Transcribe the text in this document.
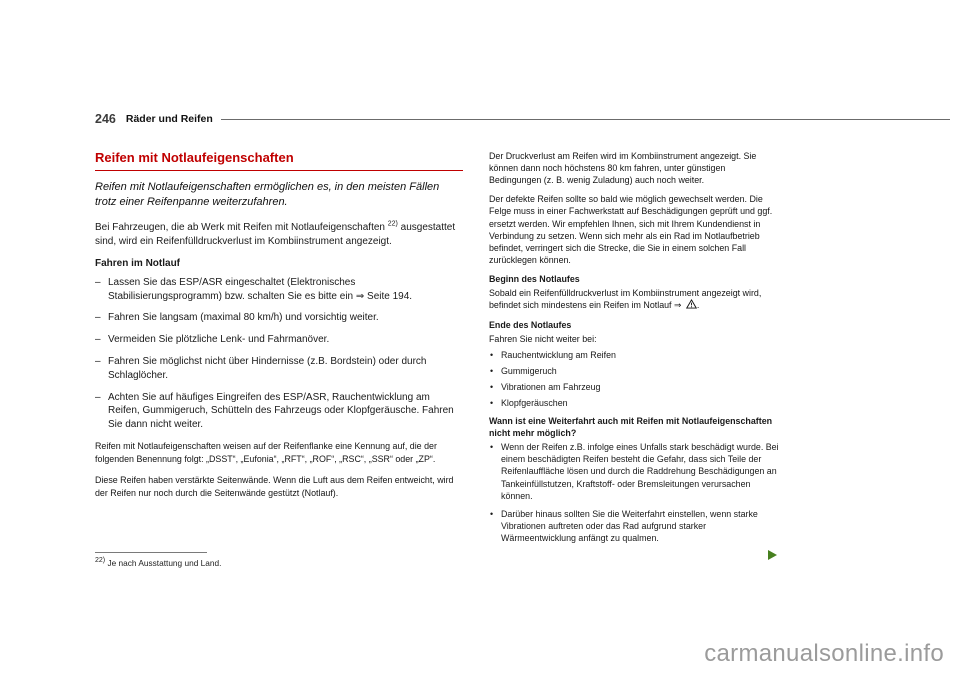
246 Räder und Reifen
Reifen mit Notlaufeigenschaften

Reifen mit Notlaufeigenschaften ermöglichen es, in den meisten Fällen trotz einer Reifenpanne weiterzufahren.

Bei Fahrzeugen, die ab Werk mit Reifen mit Notlaufeigenschaften $^{22)}$ ausgestattet sind, wird ein Reifenfülldruckverlust im Kombiinstrument angezeigt.

Fahren im Notlauf
– Lassen Sie das ESP/ASR eingeschaltet (Elektronisches Stabilisierungsprogramm) bzw. schalten Sie es bitte ein ⇒ Seite 194.
– Fahren Sie langsam (maximal 80 km/h) und vorsichtig weiter.
– Vermeiden Sie plötzliche Lenk- und Fahrmanöver.
– Fahren Sie möglichst nicht über Hindernisse (z.B. Bordstein) oder durch Schlaglöcher.
– Achten Sie auf häufiges Eingreifen des ESP/ASR, Rauchentwicklung am Reifen, Gummigeruch, Schütteln des Fahrzeugs oder Klopfgeräusche. Fahren Sie dann nicht weiter.

Reifen mit Notlaufeigenschaften weisen auf der Reifenflanke eine Kennung auf, die der folgenden Benennung folgt: „DSST“, „Eufonia“, „RFT“, „ROF“, „RSC“, „SSR“ oder „ZP“.

Diese Reifen haben verstärkte Seitenwände. Wenn die Luft aus dem Reifen entweicht, wird der Reifen nur noch durch die Seitenwände gestützt (Notlauf).

Der Druckverlust am Reifen wird im Kombiinstrument angezeigt. Sie können dann noch höchstens 80 km fahren, unter günstigen Bedingungen (z. B. wenig Zuladung) auch noch weiter.

Der defekte Reifen sollte so bald wie möglich gewechselt werden. Die Felge muss in einer Fachwerkstatt auf Beschädigungen geprüft und ggf. ersetzt werden. Wir empfehlen Ihnen, sich mit Ihrem Kundendienst in Verbindung zu setzen. Wenn sich mehr als ein Rad im Notlaufbetrieb befindet, verringert sich die Strecke, die Sie in einem solchen Fall zurücklegen können.

Beginn des Notlaufes

Sobald ein Reifenfülldruckverlust im Kombiinstrument angezeigt wird, befindet sich mindestens ein Reifen im Notlauf ⇒ .

Ende des Notlaufes

Fahren Sie nicht weiter bei:

• Rauchentwicklung am Reifen
• Gummigeruch
• Vibrationen am Fahrzeug
• Klopfgeräuschen
Wann ist eine Weiterfahrt auch mit Reifen mit Notlaufeigenschaften nicht mehr möglich?
• Wenn der Reifen z.B. infolge eines Unfalls stark beschädigt wurde. Bei einem beschädigten Reifen besteht die Gefahr, dass sich Teile der Reifenlauffläche lösen und durch die Raddrehung Beschädigungen an Tankeinfüllstutzen, Kraftstoff- oder Bremsleitungen verursachen können.
• Darüber hinaus sollten Sie die Weiterfahrt einstellen, wenn starke Vibrationen auftreten oder das Rad aufgrund starker Wärmeentwicklung anfängt zu qualmen.

$^{22)}$ Je nach Ausstattung und Land.

carmanualsonline.info
